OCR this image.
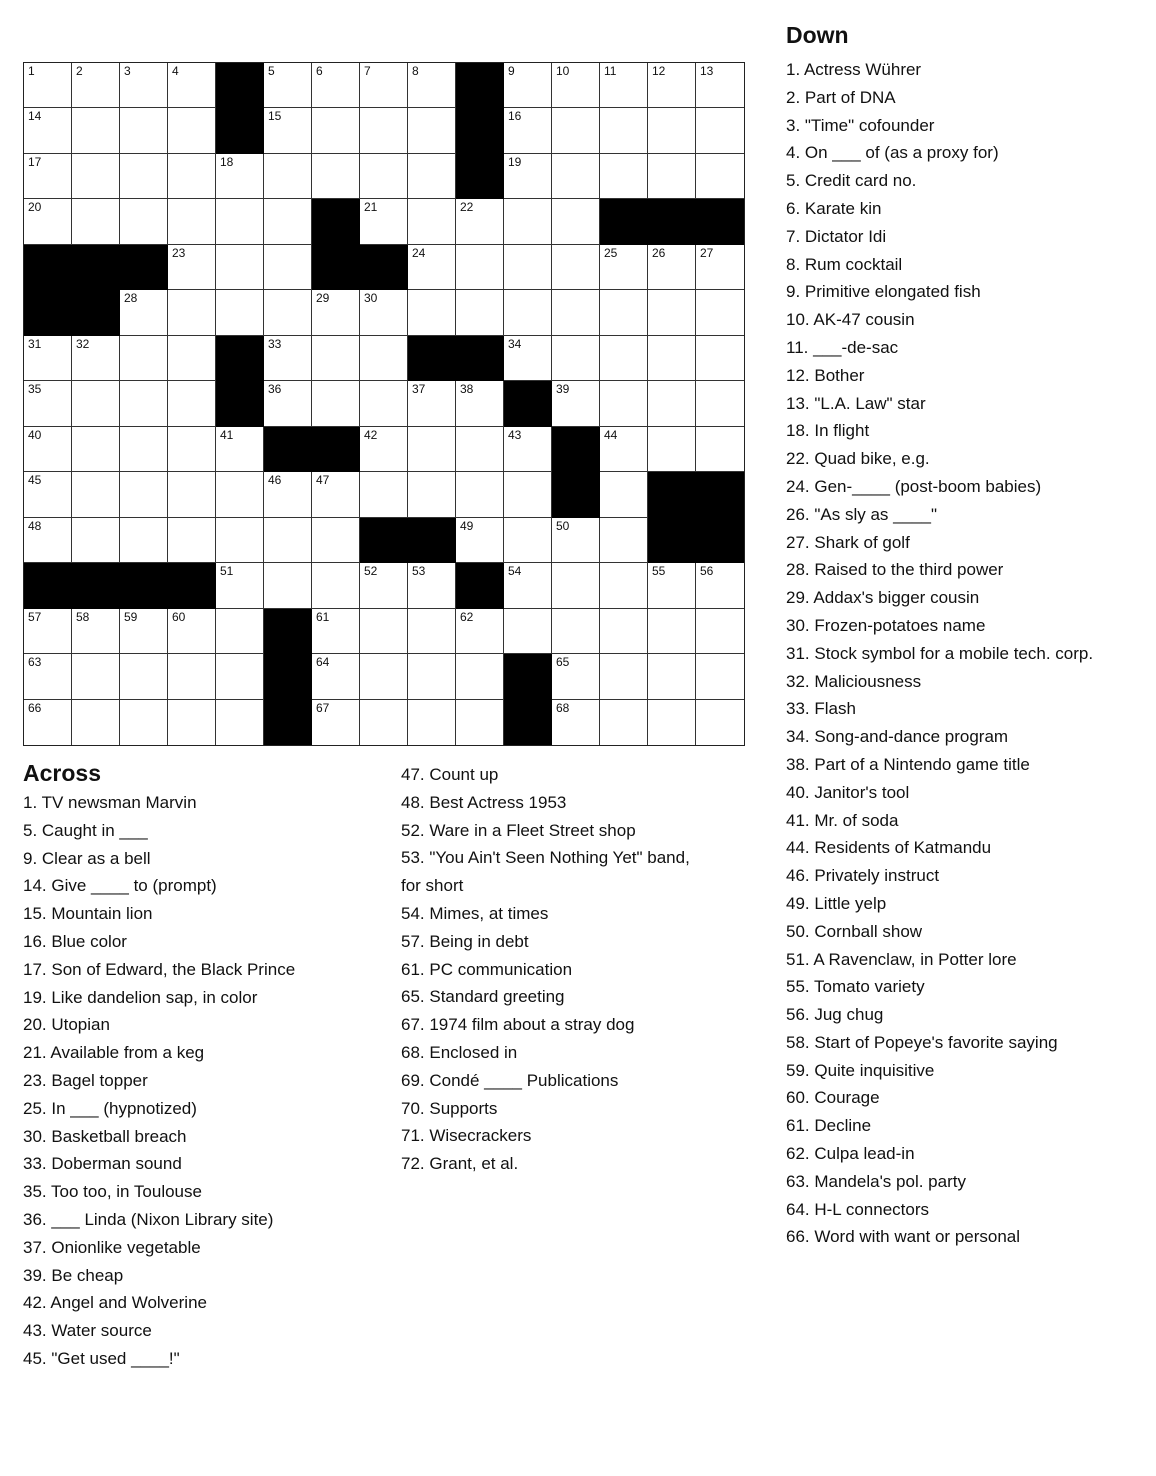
1	2	3	4	5	6	7	8	9	10	11	12	13
14	15	16
17	18	19
20	21	22
23	24	25	26	27
28	29	30
31	32	33	34
35	36	37	38	39
40	41	42	43	44
45	46	47
48	49	50
51	52	53	54	55	56
57	58	59	60	61	62
63	64	65
66	67	68
Across
1. TV newsman Marvin
5. Caught in ___
9. Clear as a bell
14. Give ____ to (prompt)
15. Mountain lion
16. Blue color
17. Son of Edward, the Black Prince
19. Like dandelion sap, in color
20. Utopian
21. Available from a keg
23. Bagel topper
25. In ___ (hypnotized)
30. Basketball breach
33. Doberman sound
35. Too too, in Toulouse
36. ___ Linda (Nixon Library site)
37. Onionlike vegetable
39. Be cheap
42. Angel and Wolverine
43. Water source
45. "Get used ____!"
47. Count up
48. Best Actress 1953
52. Ware in a Fleet Street shop
53. "You Ain't Seen Nothing Yet" band,
for short
54. Mimes, at times
57. Being in debt
61. PC communication
65. Standard greeting
67. 1974 film about a stray dog
68. Enclosed in
69. Condé ____ Publications
70. Supports
71. Wisecrackers
72. Grant, et al.
Down
1. Actress Wührer
2. Part of DNA
3. "Time" cofounder
4. On ___ of (as a proxy for)
5. Credit card no.
6. Karate kin
7. Dictator Idi
8. Rum cocktail
9. Primitive elongated fish
10. AK-47 cousin
11. ___-de-sac
12. Bother
13. "L.A. Law" star
18. In flight
22. Quad bike, e.g.
24. Gen-____ (post-boom babies)
26. "As sly as ____"
27. Shark of golf
28. Raised to the third power
29. Addax's bigger cousin
30. Frozen-potatoes name
31. Stock symbol for a mobile tech. corp.
32. Maliciousness
33. Flash
34. Song-and-dance program
38. Part of a Nintendo game title
40. Janitor's tool
41. Mr. of soda
44. Residents of Katmandu
46. Privately instruct
49. Little yelp
50. Cornball show
51. A Ravenclaw, in Potter lore
55. Tomato variety
56. Jug chug
58. Start of Popeye's favorite saying
59. Quite inquisitive
60. Courage
61. Decline
62. Culpa lead-in
63. Mandela's pol. party
64. H-L connectors
66. Word with want or personal
